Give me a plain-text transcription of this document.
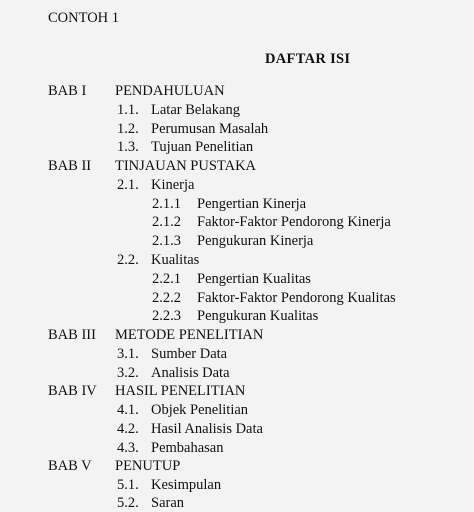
CONTOH 1
DAFTAR ISI
BAB I PENDAHULUAN
1.1. Latar Belakang
1.2. Perumusan Masalah
1.3. Tujuan Penelitian
BAB II TINJAUAN PUSTAKA
2.1. Kinerja
2.1.1 Pengertian Kinerja
2.1.2 Faktor-Faktor Pendorong Kinerja
2.1.3 Pengukuran Kinerja
2.2. Kualitas
2.2.1 Pengertian Kualitas
2.2.2 Faktor-Faktor Pendorong Kualitas
2.2.3 Pengukuran Kualitas
BAB III METODE PENELITIAN
3.1. Sumber Data
3.2. Analisis Data
BAB IV HASIL PENELITIAN
4.1. Objek Penelitian
4.2. Hasil Analisis Data
4.3. Pembahasan
BAB V PENUTUP
5.1. Kesimpulan
5.2. Saran
